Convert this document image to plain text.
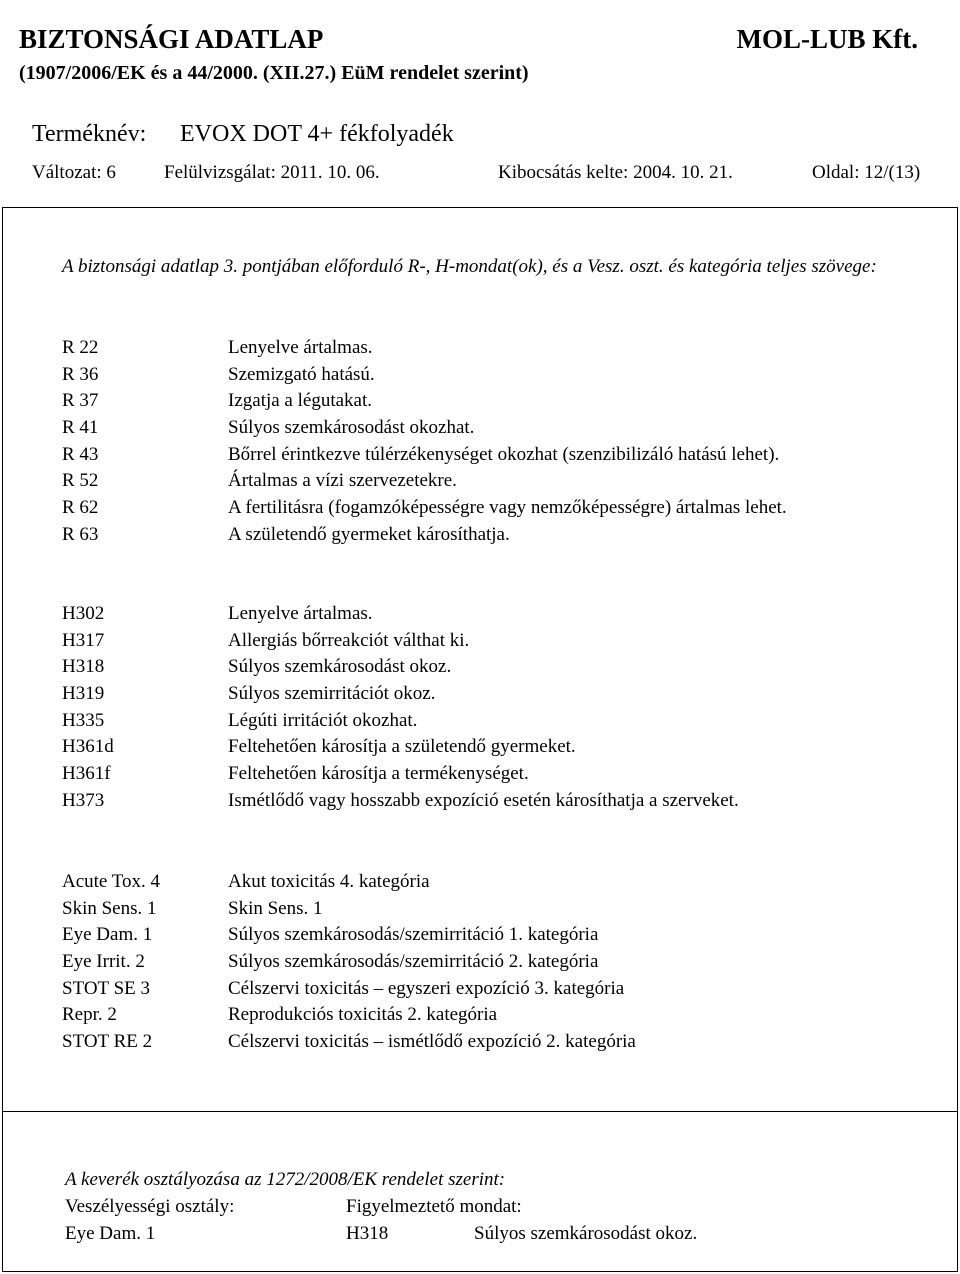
BIZTONSÁGI ADATLAP	MOL-LUB Kft.
(1907/2006/EK és a 44/2000. (XII.27.) EüM rendelet szerint)
Terméknév: EVOX DOT 4+ fékfolyadék
Változat: 6	Felülvizsgálat: 2011. 10. 06.	Kibocsátás kelte: 2004. 10. 21.	Oldal: 12/(13)
A biztonsági adatlap 3. pontjában előforduló R-, H-mondat(ok), és a Vesz. oszt. és kategória teljes szövege:
R 22	Lenyelve ártalmas.
R 36	Szemizgató hatású.
R 37	Izgatja a légutakat.
R 41	Súlyos szemkárosodást okozhat.
R 43	Bőrrel érintkezve túlérzékenységet okozhat (szenzibilizáló hatású lehet).
R 52	Ártalmas a vízi szervezetekre.
R 62	A fertilitásra (fogamzóképességre vagy nemzőképességre) ártalmas lehet.
R 63	A születendő gyermeket károsíthatja.
H302	Lenyelve ártalmas.
H317	Allergiás bőrreakciót válthat ki.
H318	Súlyos szemkárosodást okoz.
H319	Súlyos szemirritációt okoz.
H335	Légúti irritációt okozhat.
H361d	Feltehetően károsítja a születendő gyermeket.
H361f	Feltehetően károsítja a termékenységet.
H373	Ismétlődő vagy hosszabb expozíció esetén károsíthatja a szerveket.
Acute Tox. 4	Akut toxicitás 4. kategória
Skin Sens. 1	Skin Sens. 1
Eye Dam. 1	Súlyos szemkárosodás/szemirritáció 1. kategória
Eye Irrit. 2	Súlyos szemkárosodás/szemirritáció 2. kategória
STOT SE 3	Célszervi toxicitás – egyszeri expozíció 3. kategória
Repr. 2	Reprodukciós toxicitás 2. kategória
STOT RE 2	Célszervi toxicitás – ismétlődő expozíció 2. kategória
A keverék osztályozása az 1272/2008/EK rendelet szerint:
Veszélyességi osztály:	Figyelmeztető mondat:
Eye Dam. 1	H318	Súlyos szemkárosodást okoz.
